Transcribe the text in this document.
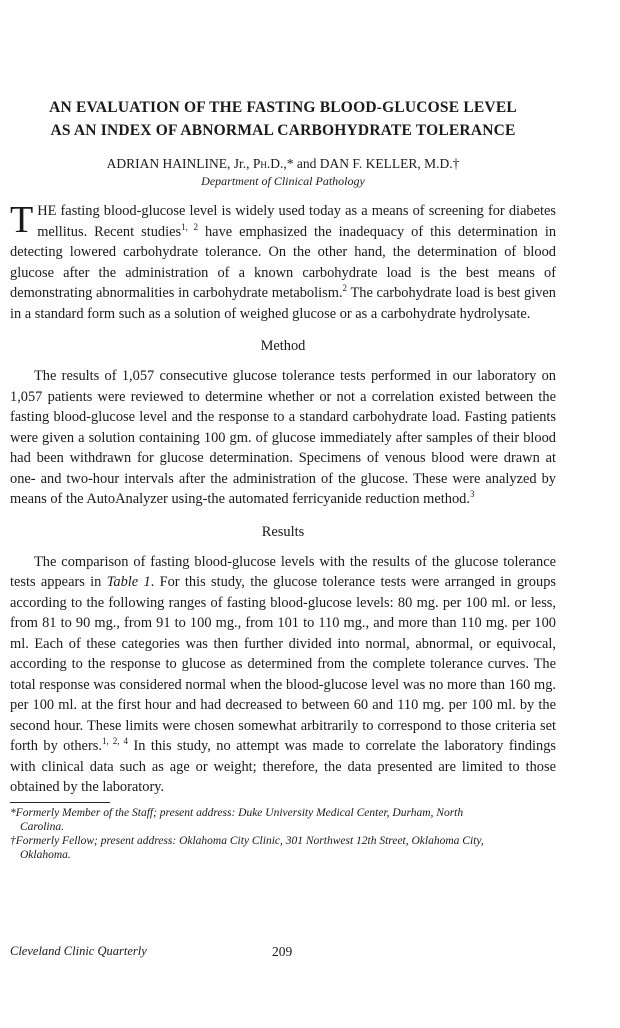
AN EVALUATION OF THE FASTING BLOOD-GLUCOSE LEVEL
AS AN INDEX OF ABNORMAL CARBOHYDRATE TOLERANCE
ADRIAN HAINLINE, Jr., Ph.D.,* and DAN F. KELLER, M.D.†
Department of Clinical Pathology

THE fasting blood-glucose level is widely used today as a means of screening for diabetes mellitus. Recent studies$^{1, 2}$ have emphasized the inadequacy of this determination in detecting lowered carbohydrate tolerance. On the other hand, the determination of blood glucose after the administration of a known carbohydrate load is the best means of demonstrating abnormalities in carbohydrate metabolism.$^2$ The carbohydrate load is best given in a standard form such as a solution of weighed glucose or as a carbohydrate hydrolysate.

Method

The results of 1,057 consecutive glucose tolerance tests performed in our laboratory on 1,057 patients were reviewed to determine whether or not a correlation existed between the fasting blood-glucose level and the response to a standard carbohydrate load. Fasting patients were given a solution containing 100 gm. of glucose immediately after samples of their blood had been withdrawn for glucose determination. Specimens of venous blood were drawn at one- and two-hour intervals after the administration of the glucose. These were analyzed by means of the AutoAnalyzer using-the automated ferricyanide reduction method.$^3$

Results

The comparison of fasting blood-glucose levels with the results of the glucose tolerance tests appears in Table 1. For this study, the glucose tolerance tests were arranged in groups according to the following ranges of fasting blood-glucose levels: 80 mg. per 100 ml. or less, from 81 to 90 mg., from 91 to 100 mg., from 101 to 110 mg., and more than 110 mg. per 100 ml. Each of these categories was then further divided into normal, abnormal, or equivocal, according to the response to glucose as determined from the complete tolerance curves. The total response was considered normal when the blood-glucose level was no more than 160 mg. per 100 ml. at the first hour and had decreased to between 60 and 110 mg. per 100 ml. by the second hour. These limits were chosen somewhat arbitrarily to correspond to those criteria set forth by others.$^{1, 2, 4}$ In this study, no attempt was made to correlate the laboratory findings with clinical data such as age or weight; therefore, the data presented are limited to those obtained by the laboratory.

*Formerly Member of the Staff; present address: Duke University Medical Center, Durham, North
Carolina.

†Formerly Fellow; present address: Oklahoma City Clinic, 301 Northwest 12th Street, Oklahoma City,
Oklahoma.

Cleveland Clinic Quarterly	209
